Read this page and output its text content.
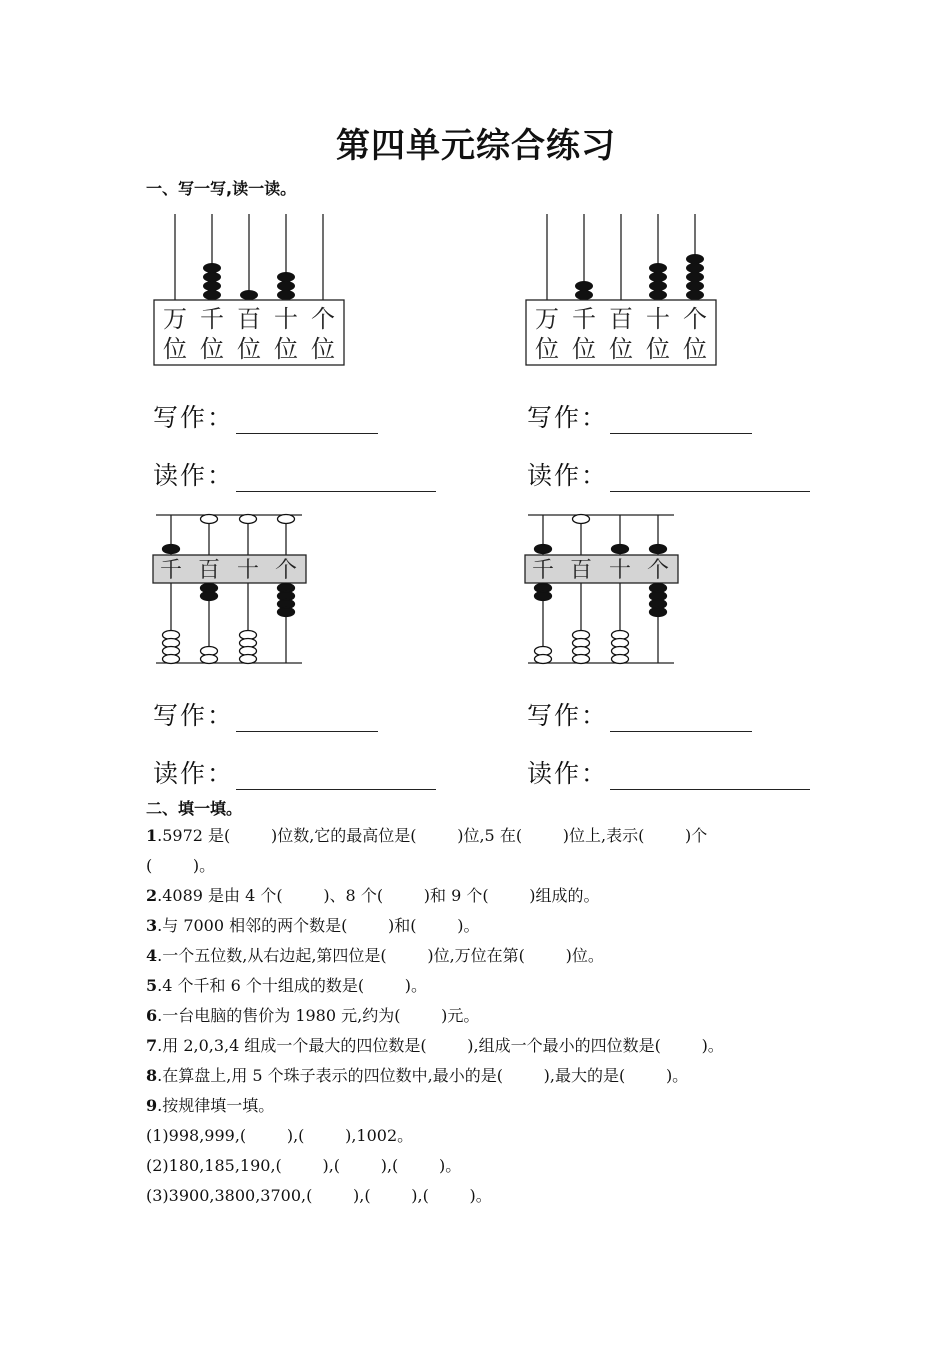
第四单元综合练习
一、写一写,读一读。
万 千 百 十 个
位 位 位 位 位
万 千 百 十 个
位 位 位 位 位
写作：	写作：
读作：	读作：
千 百 十 个	千 百 十 个
写作：	写作：
读作：	读作：
二、填一填。
1.5972 是(        )位数,它的最高位是(        )位,5 在(        )位上,表示(        )个
(        )。
2.4089 是由 4 个(        )、8 个(        )和 9 个(        )组成的。
3.与 7000 相邻的两个数是(        )和(        )。
4.一个五位数,从右边起,第四位是(        )位,万位在第(        )位。
5.4 个千和 6 个十组成的数是(        )。
6.一台电脑的售价为 1980 元,约为(        )元。
7.用 2,0,3,4 组成一个最大的四位数是(        ),组成一个最小的四位数是(        )。
8.在算盘上,用 5 个珠子表示的四位数中,最小的是(        ),最大的是(        )。
9.按规律填一填。
(1)998,999,(        ),(        ),1002。
(2)180,185,190,(        ),(        ),(        )。
(3)3900,3800,3700,(        ),(        ),(        )。
